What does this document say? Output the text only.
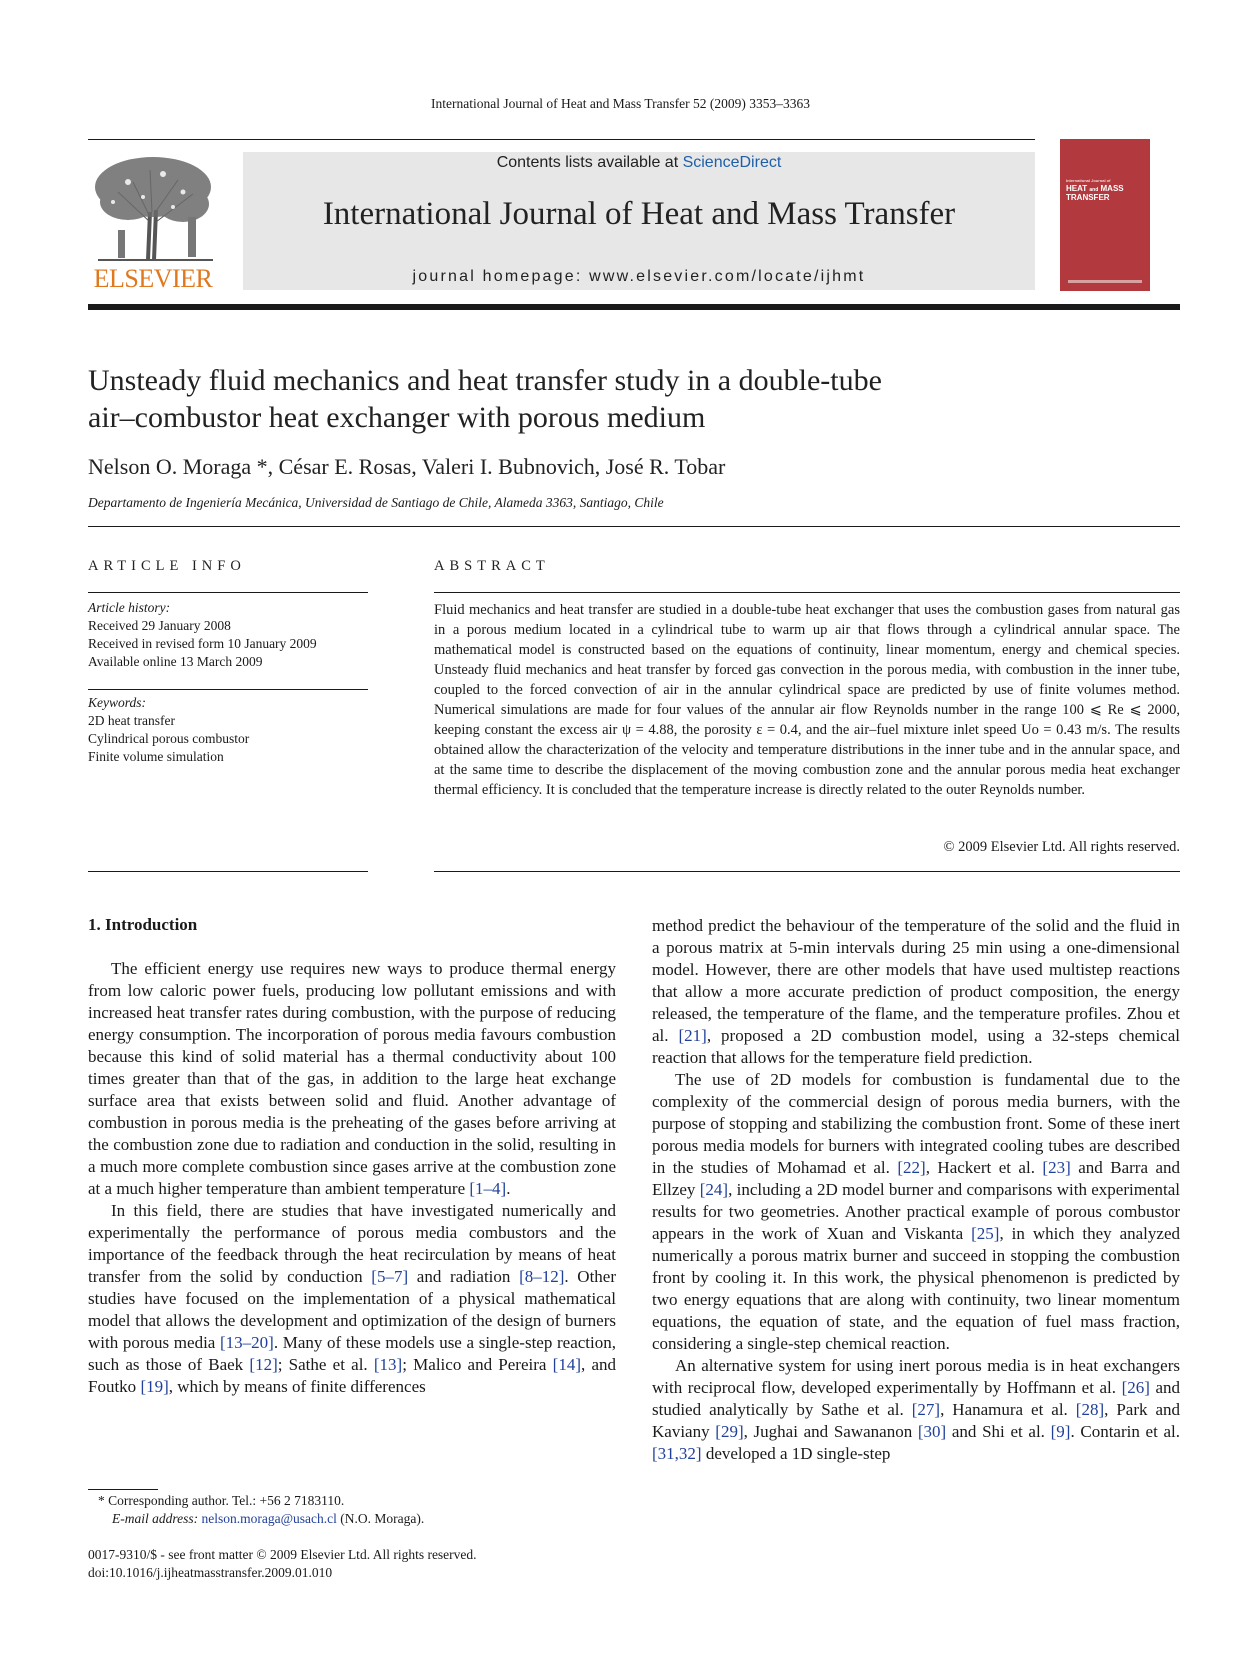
International Journal of Heat and Mass Transfer 52 (2009) 3353–3363
ELSEVIER
Contents lists available at ScienceDirect
International Journal of Heat and Mass Transfer
journal homepage: www.elsevier.com/locate/ijhmt
International Journal of
HEAT and MASS
TRANSFER
Unsteady fluid mechanics and heat transfer study in a double-tube
air–combustor heat exchanger with porous medium
Nelson O. Moraga *, César E. Rosas, Valeri I. Bubnovich, José R. Tobar
Departamento de Ingeniería Mecánica, Universidad de Santiago de Chile, Alameda 3363, Santiago, Chile
ARTICLE INFO
Article history:
Received 29 January 2008
Received in revised form 10 January 2009
Available online 13 March 2009
Keywords:
2D heat transfer
Cylindrical porous combustor
Finite volume simulation
ABSTRACT
Fluid mechanics and heat transfer are studied in a double-tube heat exchanger that uses the combustion gases from natural gas in a porous medium located in a cylindrical tube to warm up air that flows through a cylindrical annular space. The mathematical model is constructed based on the equations of continuity, linear momentum, energy and chemical species. Unsteady fluid mechanics and heat transfer by forced gas convection in the porous media, with combustion in the inner tube, coupled to the forced convection of air in the annular cylindrical space are predicted by use of finite volumes method. Numerical simulations are made for four values of the annular air flow Reynolds number in the range 100 ⩽ Re ⩽ 2000, keeping constant the excess air ψ = 4.88, the porosity ε = 0.4, and the air–fuel mixture inlet speed Uo = 0.43 m/s. The results obtained allow the characterization of the velocity and temperature distributions in the inner tube and in the annular space, and at the same time to describe the displacement of the moving combustion zone and the annular porous media heat exchanger thermal efficiency. It is concluded that the temperature increase is directly related to the outer Reynolds number.
© 2009 Elsevier Ltd. All rights reserved.
1. Introduction

The efficient energy use requires new ways to produce thermal energy from low caloric power fuels, producing low pollutant emissions and with increased heat transfer rates during combustion, with the purpose of reducing energy consumption. The incorporation of porous media favours combustion because this kind of solid material has a thermal conductivity about 100 times greater than that of the gas, in addition to the large heat exchange surface area that exists between solid and fluid. Another advantage of combustion in porous media is the preheating of the gases before arriving at the combustion zone due to radiation and conduction in the solid, resulting in a much more complete combustion since gases arrive at the combustion zone at a much higher temperature than ambient temperature [1–4].

In this field, there are studies that have investigated numerically and experimentally the performance of porous media combustors and the importance of the feedback through the heat recirculation by means of heat transfer from the solid by conduction [5–7] and radiation [8–12]. Other studies have focused on the implementation of a physical mathematical model that allows the development and optimization of the design of burners with porous media [13–20]. Many of these models use a single-step reaction, such as those of Baek [12]; Sathe et al. [13]; Malico and Pereira [14], and Foutko [19], which by means of finite differences

method predict the behaviour of the temperature of the solid and the fluid in a porous matrix at 5-min intervals during 25 min using a one-dimensional model. However, there are other models that have used multistep reactions that allow a more accurate prediction of product composition, the energy released, the temperature of the flame, and the temperature profiles. Zhou et al. [21], proposed a 2D combustion model, using a 32-steps chemical reaction that allows for the temperature field prediction.

The use of 2D models for combustion is fundamental due to the complexity of the commercial design of porous media burners, with the purpose of stopping and stabilizing the combustion front. Some of these inert porous media models for burners with integrated cooling tubes are described in the studies of Mohamad et al. [22], Hackert et al. [23] and Barra and Ellzey [24], including a 2D model burner and comparisons with experimental results for two geometries. Another practical example of porous combustor appears in the work of Xuan and Viskanta [25], in which they analyzed numerically a porous matrix burner and succeed in stopping the combustion front by cooling it. In this work, the physical phenomenon is predicted by two energy equations that are along with continuity, two linear momentum equations, the equation of state, and the equation of fuel mass fraction, considering a single-step chemical reaction.

An alternative system for using inert porous media is in heat exchangers with reciprocal flow, developed experimentally by Hoffmann et al. [26] and studied analytically by Sathe et al. [27], Hanamura et al. [28], Park and Kaviany [29], Jughai and Sawananon [30] and Shi et al. [9]. Contarin et al. [31,32] developed a 1D single-step

* Corresponding author. Tel.: +56 2 7183110.
E-mail address: nelson.moraga@usach.cl (N.O. Moraga).
0017-9310/$ - see front matter © 2009 Elsevier Ltd. All rights reserved.
doi:10.1016/j.ijheatmasstransfer.2009.01.010
